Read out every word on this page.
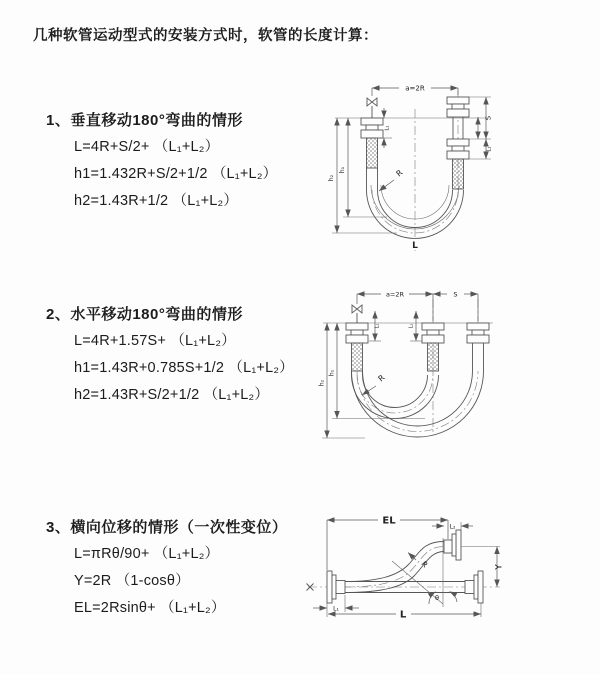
几种软管运动型式的安装方式时，软管的长度计算：
1、垂直移动180°弯曲的情形
L=4R+S/2+ （L₁+L₂）
h1=1.432R+S/2+1/2 （L₁+L₂）
h2=1.43R+1/2 （L₁+L₂）
2、水平移动180°弯曲的情形
L=4R+1.57S+ （L₁+L₂）
h1=1.43R+0.785S+1/2 （L₁+L₂）
h2=1.43R+S/2+1/2 （L₁+L₂）
3、横向位移的情形（一次性变位）
L=πRθ/90+ （L₁+L₂）
Y=2R （1-cosθ）
EL=2Rsinθ+ （L₁+L₂）
a=2R
h₂
h₁
L₁
S
L₁
R
L
a=2R	S
h₂
h₁
L₁	L₁
R
EL
L₂
Y
θ
R
L₁
L
